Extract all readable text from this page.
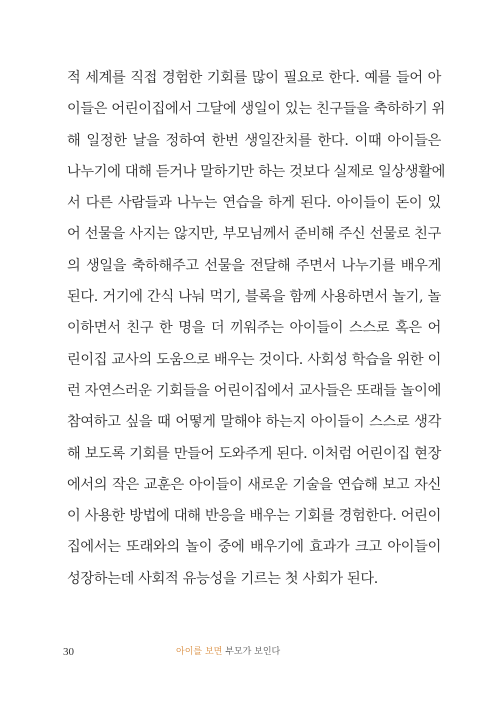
적 세계를 직접 경험한 기회를 많이 필요로 한다. 예를 들어 아
이들은 어린이집에서 그달에 생일이 있는 친구들을 축하하기 위
해 일정한 날을 정하여 한번 생일잔치를 한다. 이때 아이들은
나누기에 대해 듣거나 말하기만 하는 것보다 실제로 일상생활에
서 다른 사람들과 나누는 연습을 하게 된다. 아이들이 돈이 있
어 선물을 사지는 않지만, 부모님께서 준비해 주신 선물로 친구
의 생일을 축하해주고 선물을 전달해 주면서 나누기를 배우게
된다. 거기에 간식 나눠 먹기, 블록을 함께 사용하면서 놀기, 놀
이하면서 친구 한 명을 더 끼워주는 아이들이 스스로 혹은 어
린이집 교사의 도움으로 배우는 것이다. 사회성 학습을 위한 이
런 자연스러운 기회들을 어린이집에서 교사들은 또래들 놀이에
참여하고 싶을 때 어떻게 말해야 하는지 아이들이 스스로 생각
해 보도록 기회를 만들어 도와주게 된다. 이처럼 어린이집 현장
에서의 작은 교훈은 아이들이 새로운 기술을 연습해 보고 자신
이 사용한 방법에 대해 반응을 배우는 기회를 경험한다. 어린이
집에서는 또래와의 놀이 중에 배우기에 효과가 크고 아이들이
성장하는데 사회적 유능성을 기르는 첫 사회가 된다.
30	아이를 보면 부모가 보인다
